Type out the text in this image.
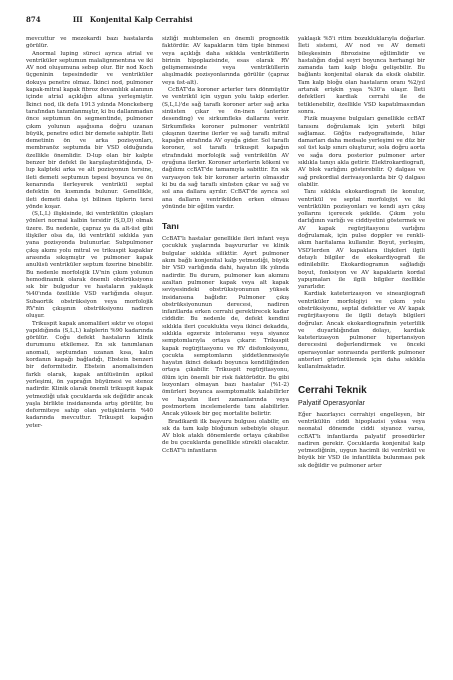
874	III Konjenital Kalp Cerrahisi

mevcuttur ve mezokardi bazı hastalarda görülür.

Anormal luping süreci ayrıca atrial ve ventriküler septumun malalignmentına ve iki AV nod oluşumuna sebep olur. Bir nod Koch üçgeninin tepesindedir ve ventriküler dokuya penetre olmaz. İkinci nod, pulmoner kapak-mitral kapak fibroz devamlılık alanının içinde atrial açıklığın altına yerleşmiştir. İkinci nod, ilk defa 1913 yılında Monckeberg tarafından tanımlanmıştır, ki bu dallanmadan önce septumun ön segmentinde, pulmoner çıkım yolunun aşağısına doğru uzanan büyük, penetre edici bir demete sahiptir. İleti demetinin ön ve arka pozisyonları, membranöz septumda bir VSD olduğunda özellikle önemlidir. D-lup olan bir kalpte benzer bir defekt ile karşılaştırıldığında, D-lup kalpteki arka ve alt pozisyonun tersine, ileti demeti septumun tepesi boyunca ve ön kenarında ilerleyerek ventrikül septal defektin ön kısmında bulunur. Genellikle, ileti demeti daha iyi bilinen tiplerin tersi yönde koşar.

(S,L,L) ilişkisinde, iki ventrikülün çıkışları yönleri normal kalbin tersidir (S,D,D) olmak üzere. Bu nedenle, çapraz ya da alt-üst gibi ilişkiler olsa da, iki ventrikül sıklıkla yan yana pozisyonda bulunurlar. Subpulmoner çıkış akımı yolu mitral ve trikuspit kapaklar arasında sıkışmıştır ve pulmoner kapak anulüsü ventriküler septum üzerine binebilir. Bu nedenle morfolojik LV'nin çıkım yolunun hemodinamik olarak önemli obstrüksiyonu sık bir bulgudur ve hastaların yaklaşık %40'ında özellikle VSD varlığında oluşur. Subaortik obstrüksiyon veya morfolojik RV'nin çıkışının obstrüksiyonu nadiren oluşur.

Trikuspit kapak anomalileri sıktır ve otopsi yapıldığında (S,L,L) kalplerin %90 kadarında görülür. Coğu defekt hastaların klinik durumunu etkilemez. En sık tanımlanan anomali, septumdan uzanan kısa, kalın kordanın kapağı bağladığı, Ebstein benzeri bir deformitedir. Ebstein anomalisinden farklı olarak, kapak anülüsünün apikal yerleşimi, ön yaprağın büyümesi ve stenoz nadirdir. Klinik olarak önemli trikuspit kapak yetmezliği ufak çocuklarda sık değildir ancak yaşla birlikte insidansında artış görülür, bu deformiteye sahip olan yetişkinlerin %40 kadarında mevcuttur. Trikuspit kapağın yeter-

sizliği muhtemelen en önemli prognostik faktördür. AV kapakların tüm tiple binmesi veya açıklığı daha sıklıkla ventriküllerin birinin hipoplazisinde, esas olarak RV gelişmemesinde veya ventriküllerin alışılmadık pozisyonlarında görülür (çapraz veya üst-alt).

CcBAT'da koroner arterler ters dönmüştür ve ventrikül için uygun yolu takip ederler. (S,L,L)'de sağ taraflı koroner arter sağ arka sinüsten çıkar ve ön-inen (anterior desending) ve sirkumfleks dallarını verir. Sirkumfleks koroner pulmoner ventrikül çıkışının üzerine ilerler ve sağ taraflı mitral kapağın etrafında AV oyuğa gider. Sol taraflı koroner, sol taraflı trikuspit kapağın etrafındaki morfolojik sağ ventrikülün AV oyuğuna ilerler. Koroner arterlerin kökeni ve dağılımı ccBAT'de tamamıyla sabittir. En sık varyasyon tek bir koroner arterin olmasıdır ki bu da sağ taraflı sinüsten çıkar ve sağ ve sol ana dallara ayrılır. CcBAT'de ayrıca sol ana dalların ventrikülden erken olması yönünde bir eğilim vardır.

Tanı

CcBAT'lı hastalar genellikle ileri infant veya çocukluk yaşlarında başvururlar ve klinik bulgular sıklıkla silikttir. Ayırt pulmoner akım bağlı konjenital kalp yetmezliği, büyük bir VSD varlığında dahi, hayatın ilk yılında nadirdir. Bu durum, pulmoner kan akımını azaltan pulmoner kapak veya alt kapak seviyesindeki obstrüksiyonunun yüksek insidansına bağlıdır. Pulmoner çıkış obstrüksiyonunun derecesi, nadiren infantlarda erken cerrahi gerektirecek kadar ciddidir. Bu nedenle de, defekt kendini sıklıkla ileri çocuklukta veya ikinci dekadda, sıklıkla egzersiz intoleransı veya siyanoz semptomlarıyla ortaya çıkarır. Trikuspit kapak regürjitasyonu ve RV disfonksiyonu, çocukta semptomların şiddetlenmesiyle hayatın ikinci dekadı boyunca kendiliğinden ortaya çıkabilir. Trikuspit regürjitasyonu, ölüm için önemli bir risk faktörüdür. Bu gibi lezyonları olmayan bazı hastalar (%1-2) ömürleri boyunca asemptomatik kalabilirler ve hayatın ileri zamanlarında veya postmortem incelemelerde tanı alabilirler. Ancak yüksek bir geç mortalite belirtir.

Bradikardi ilk başvuru bulgusu olabilir, en sık da tam kalp bloğunun sebebiyle oluşur. AV blok ataklı dönemlerde ortaya çıkabilse de bu çocuklarda genellikle sürekli olacaktır. CcBAT'lı infantların

yaklaşık %5'i ritim bozukluklarıyla doğarlar. İleti sistemi, AV nod ve AV demeti bileşkesinin fibrozisine eğilimlidir ve hastalığın doğal seyri boyunca herhangi bir zamanda tam kalp bloğu gelişebilir. Bu bağlantı konjenital olarak da eksik olabilir. Tam kalp bloğu olan hastaların oranı %2/yıl artarak erişkin yaşa %30'a ulaşır. İleti defektleri kardiak cerrahi ile de tetiklenebilir, özellikle VSD kapatılmasından sonra.

Fizik muayene bulguları genellikle ccBAT tanısını doğrulamak için yeterli bilgi sağlamaz. Göğüs radyografisinde, hilar damarları daha medsale yerleşimi ve düz bir sol üst kalp sınırı oluşturur, sola doğru aorta ve sağa doru posterior pulmoner arter sıklıkla tanıyı akla getirir. Elektrokardiografi, AV blok varlığını gösterebilir. Q dalgası ve sağ prekordial derivasyonlarda bir Q dalgası olabilir.

Tanı sıklıkla ekokardiografi ile konulur, ventrikül ve septal morfolojiyi ve iki ventrikülün pozisyonları ve kendi ayrı çıkış yollarını içerecek şekilde. Çıkım yolu darlığının varlığı ve ciddiyetini göstermek ve AV kapak regürjitasyonu varlığını doğrulamak, için pulse doppler ve renkli-akım haritalama kullanılır. Boyut, yerleşim, VSD'lerden AV kapaklara ilişkileri ilgili detaylı bilgiler de ekokardiyografi ile edinilebilir. Ekokardiogramın sağladığı boyut, fonksiyon ve AV kapaklarin kordal yapışmaları ile ilgili bilgiler özellikle yararlıdır.

Kardiak kateterizasyon ve sineanjiografi ventriküler morfolojiyi ve çıkım yolu obstrüksiyonu, septal defektler ve AV kapak regürjitasyonu ile ilgili detaylı bilgileri doğrular. Ancak ekokardiografinin yeterlilik ve duyarlılığından dolayı, kardiak kateterizasyon pulmoner hipertansiyon derecesini değerlendirmek ve önceki operasyonlar sonrasında periferik pulmoner anterleri görüntülemek için daha sıklıkla kullanılmaktadır.

Cerrahi Teknik
Palyatif Operasyonlar

Eğer hazırlayıcı cerrahiyi engelleyen, bir ventrikülün ciddi hipoplazisi yoksa veya neonatal dönemde ciddi siyanoz varsa, ccBAT'lı infantlarda palyatif prosedürler nadiren gerekir. Çocuklarda konjenital kalp yetmezliğinin, uygun hacimli iki ventrikül ve büyük bir VSD ile infantlikta bulunması pek sık değildir ve pulmoner arter
